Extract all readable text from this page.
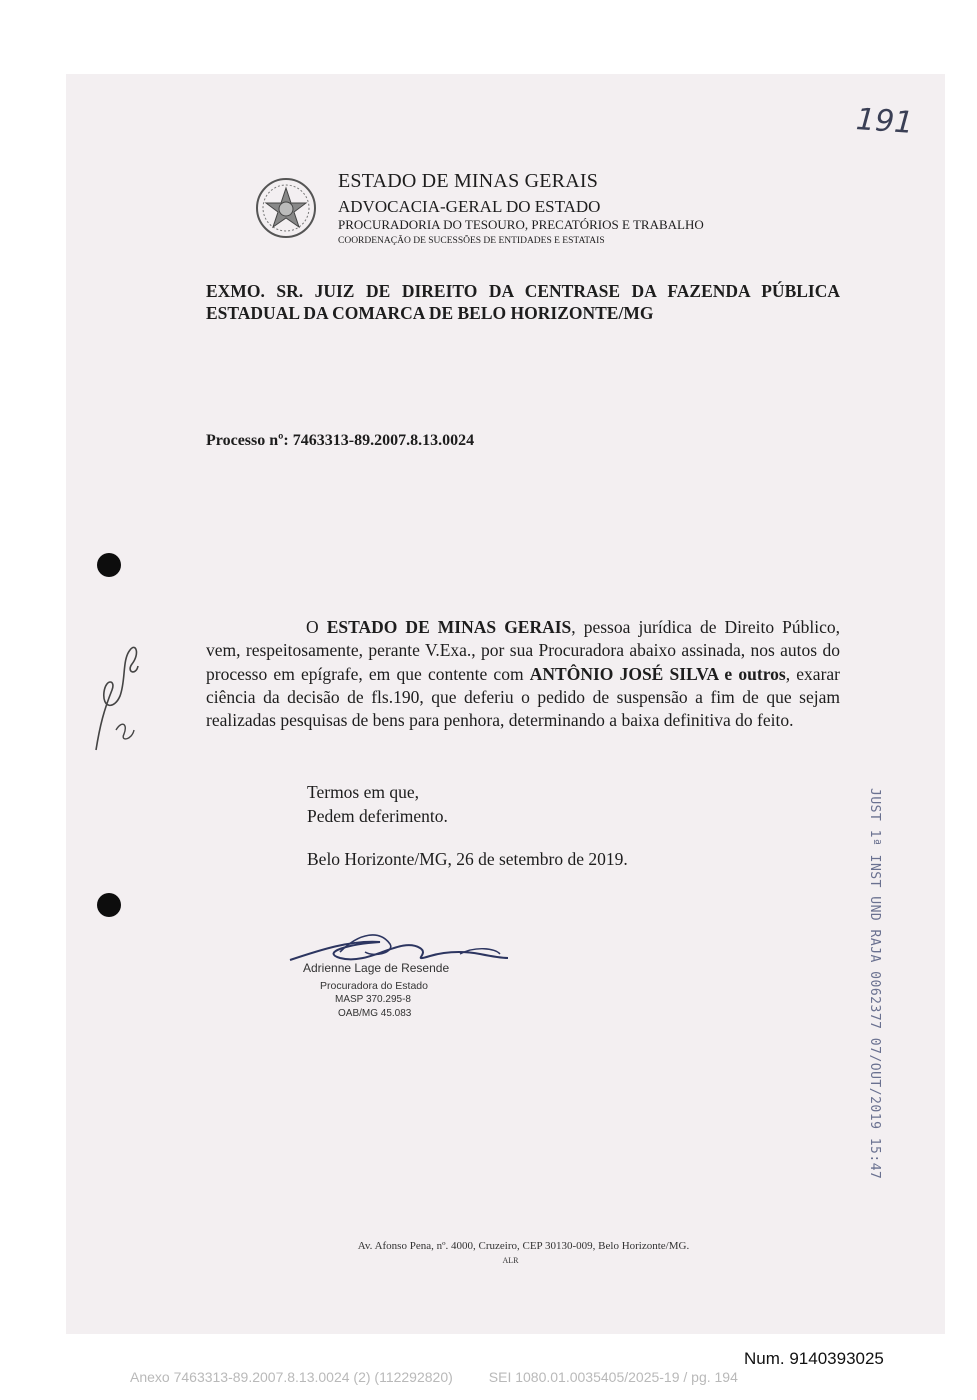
191
ESTADO DE MINAS GERAIS
ADVOCACIA-GERAL DO ESTADO
PROCURADORIA DO TESOURO, PRECATÓRIOS E TRABALHO
COORDENAÇÃO DE SUCESSÕES DE ENTIDADES E ESTATAIS
EXMO. SR. JUIZ DE DIREITO DA CENTRASE DA FAZENDA PÚBLICA
ESTADUAL DA COMARCA DE BELO HORIZONTE/MG
Processo nº: 7463313-89.2007.8.13.0024

O ESTADO DE MINAS GERAIS, pessoa jurídica de Direito Público, vem, respeitosamente, perante V.Exa., por sua Procuradora abaixo assinada, nos autos do processo em epígrafe, em que contente com ANTÔNIO JOSÉ SILVA e outros, exarar ciência da decisão de fls.190, que deferiu o pedido de suspensão a fim de que sejam realizadas pesquisas de bens para penhora, determinando a baixa definitiva do feito.

Termos em que,
Pedem deferimento.
Belo Horizonte/MG, 26 de setembro de 2019.
Adrienne Lage de Resende
Procuradora do Estado
MASP 370.295-8
OAB/MG 45.083	JUST 1ª INST UND RAJA 0062377 07/OUT/2019 15:47
Av. Afonso Pena, nº. 4000, Cruzeiro, CEP 30130-009, Belo Horizonte/MG.
ALR
Num. 9140393025
Anexo 7463313-89.2007.8.13.0024 (2) (112292820)	SEI 1080.01.0035405/2025-19 / pg. 194
